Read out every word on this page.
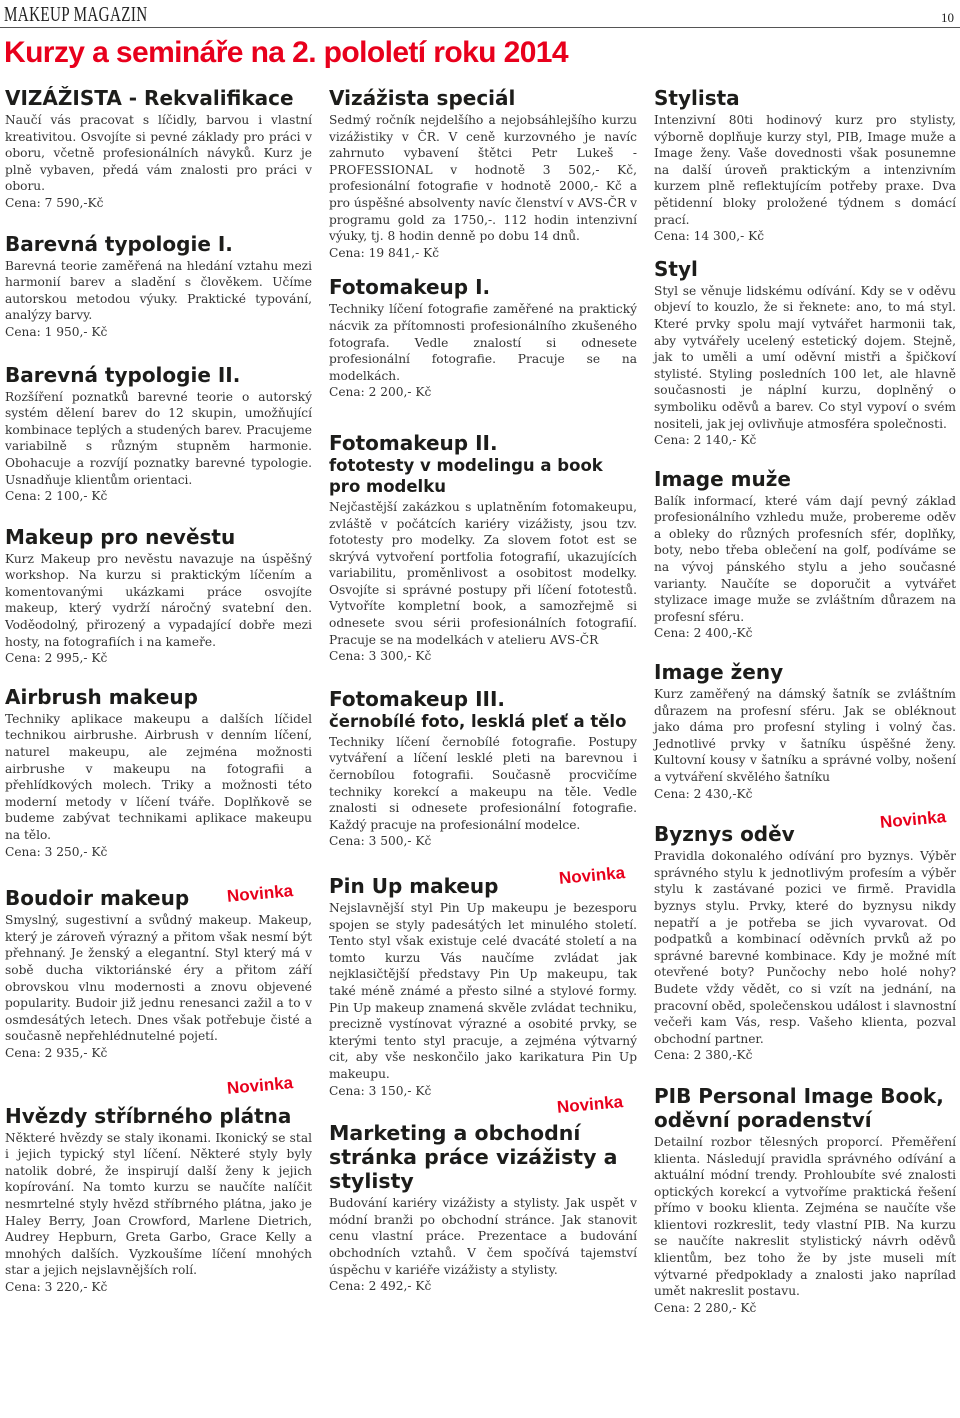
MAKEUP MAGAZIN	10
Kurzy a semináře na 2. pololetí roku 2014
VIZÁŽISTA - Rekvalifikace

Naučí vás pracovat s líčidly, barvou i vlastní kreativitou. Osvojíte si pevné základy pro práci v oboru, včetně profesionálních návyků. Kurz je plně vybaven, předá vám znalosti pro práci v oboru.

Cena: 7 590,-Kč

Barevná typologie I.

Barevná teorie zaměřená na hledání vztahu mezi harmonií barev a sladění s člověkem. Učíme autorskou metodou výuky. Praktické typování, analýzy barvy.

Cena: 1 950,- Kč

Barevná typologie II.

Rozšíření poznatků barevné teorie o autorský systém dělení barev do 12 skupin, umožňující kombinace teplých a studených barev. Pracujeme variabilně s různým stupněm harmonie. Obohacuje a rozvíjí poznatky barevné typologie. Usnadňuje klientům orientaci.

Cena: 2 100,- Kč

Makeup pro nevěstu

Kurz Makeup pro nevěstu navazuje na úspěšný workshop. Na kurzu si praktickým líčením a komentovanými ukázkami práce osvojíte makeup, který vydrží náročný svatební den. Voděodolný, přirozený a vypadající dobře mezi hosty, na fotografiích i na kameře.

Cena: 2 995,- Kč

Airbrush makeup

Techniky aplikace makeupu a dalších líčidel technikou airbrushe. Airbrush v denním líčení, naturel makeupu, ale zejména možnosti airbrushe v makeupu na fotografii a přehlídkových molech. Triky a možnosti této moderní metody v líčení tváře. Doplňkově se budeme zabývat technikami aplikace makeupu na tělo.

Cena: 3 250,- Kč

Novinka
Boudoir makeup

Smyslný, sugestivní a svůdný makeup. Makeup, který je zároveň výrazný a přitom však nesmí být přehnaný. Je ženský a elegantní. Styl který má v sobě ducha viktoriánské éry a přitom září obrovskou vlnu modernosti a znovu objevené popularity. Budoir již jednu renesanci zažil a to v osmdesátých letech. Dnes však potřebuje čisté a současně nepřehlédnutelné pojetí.

Cena: 2 935,- Kč

Novinka
Hvězdy stříbrného plátna

Některé hvězdy se staly ikonami. Ikonický se stal i jejich typický styl líčení. Některé styly byly natolik dobré, že inspirují další ženy k jejich kopírování. Na tomto kurzu se naučíte nalíčit nesmrtelné styly hvězd stříbrného plátna, jako je Haley Berry, Joan Crowford, Marlene Dietrich, Audrey Hepburn, Greta Garbo, Grace Kelly a mnohých dalších. Vyzkoušíme líčení mnohých star a jejich nejslavnějších rolí.

Cena: 3 220,- Kč

Vizážista speciál

Sedmý ročník nejdelšího a nejobsáhlejšího kurzu vizážistiky v ČR. V ceně kurzovného je navíc zahrnuto vybavení štětci Petr Lukeš - PROFESSIONAL v hodnotě 3 502,- Kč, profesionální fotografie v hodnotě 2000,- Kč a pro úspěšné absolventy navíc členství v AVS-ČR v programu gold za 1750,-. 112 hodin intenzivní výuky, tj. 8 hodin denně po dobu 14 dnů.

Cena: 19 841,- Kč

Fotomakeup I.

Techniky líčení fotografie zaměřené na praktický nácvik za přítomnosti profesionálního zkušeného fotografa. Vedle znalostí si odnesete profesionální fotografie. Pracuje se na modelkách.

Cena: 2 200,- Kč

Fotomakeup II.
fototesty v modelingu a book pro modelku

Nejčastější zakázkou s uplatněním fotomakeupu, zvláště v počátcích kariéry vizážisty, jsou tzv. fototesty pro modelky. Za slovem fotot est se skrývá vytvoření portfolia fotografií, ukazujících variabilitu, proměnlivost a osobitost modelky. Osvojíte si správné postupy při líčení fototestů. Vytvoříte kompletní book, a samozřejmě si odnesete svou sérii profesionálních fotografií. Pracuje se na modelkách v atelieru AVS-ČR

Cena: 3 300,- Kč

Fotomakeup III.
černobílé foto, lesklá pleť a tělo

Techniky líčení černobílé fotografie. Postupy vytváření a líčení lesklé pleti na barevnou i černobílou fotografii. Současně procvičíme techniky korekcí a makeupu na těle. Vedle znalosti si odnesete profesionální fotografie. Každý pracuje na profesionální modelce.

Cena: 3 500,- Kč

Novinka
Pin Up makeup

Nejslavnější styl Pin Up makeupu je bezesporu spojen se styly padesátých let minulého století. Tento styl však existuje celé dvacáté století a na tomto kurzu Vás naučíme zvládat jak nejklasičtější představy Pin Up makeupu, tak také méně známé a přesto silné a stylové formy. Pin Up makeup znamená skvěle zvládat techniku, precizně vystínovat výrazné a osobité prvky, se kterými tento styl pracuje, a zejména výtvarný cit, aby vše neskončilo jako karikatura Pin Up makeupu.

Cena: 3 150,- Kč

Novinka
Marketing a obchodní stránka práce vizážisty a stylisty

Budování kariéry vizážisty a stylisty. Jak uspět v módní branži po obchodní stránce. Jak stanovit cenu vlastní práce. Prezentace a budování obchodních vztahů. V čem spočívá tajemství úspěchu v kariéře vizážisty a stylisty.

Cena: 2 492,- Kč

Stylista

Intenzivní 80ti hodinový kurz pro stylisty, výborně doplňuje kurzy styl, PIB, Image muže a Image ženy. Vaše dovednosti však posunemne na další úroveň praktickým a intenzivním kurzem plně reflektujícím potřeby praxe. Dva pětidenní bloky proložené týdnem s domácí prací.

Cena: 14 300,- Kč

Styl

Styl se věnuje lidskému odívání. Kdy se v oděvu objeví to kouzlo, že si řeknete: ano, to má styl. Které prvky spolu mají vytvářet harmonii tak, aby vytvářely ucelený estetický dojem. Stejně, jak to uměli a umí oděvní mistři a špičkoví stylisté. Styling posledních 100 let, ale hlavně současnosti je náplní kurzu, doplněný o symboliku oděvů a barev. Co styl vypoví o svém nositeli, jak jej ovlivňuje atmosféra společnosti.

Cena: 2 140,- Kč

Image muže

Balík informací, které vám dají pevný základ profesionálního vzhledu muže, probereme oděv a obleky do různých profesních sfér, doplňky, boty, nebo třeba oblečení na golf, podíváme se na vývoj pánského stylu a jeho současné varianty. Naučíte se doporučit a vytvářet stylizace image muže se zvláštním důrazem na profesní sféru.

Cena: 2 400,-Kč

Image ženy

Kurz zaměřený na dámský šatník se zvláštním důrazem na profesní sféru. Jak se obléknout jako dáma pro profesní styling i volný čas. Jednotlivé prvky v šatníku úspěšné ženy. Kultovní kousy v šatníku a správné volby, nošení a vytváření skvělého šatníku

Cena: 2 430,-Kč

Novinka
Byznys oděv

Pravidla dokonalého odívání pro byznys. Výběr správného stylu k jednotlivým profesím a výběr stylu k zastávané pozici ve firmě. Pravidla byznys stylu. Prvky, které do byznysu nikdy nepatří a je potřeba se jich vyvarovat. Od podpatků a kombinací oděvních prvků až po správné barevné kombinace. Kdy je možné mít otevřené boty? Punčochy nebo holé nohy? Budete vždy vědět, co si vzít na jednání, na pracovní oběd, společenskou událost i slavnostní večeři kam Vás, resp. Vašeho klienta, pozval obchodní partner.

Cena: 2 380,-Kč

PIB Personal Image Book, oděvní poradenství

Detailní rozbor tělesných proporcí. Přeměření klienta. Následují pravidla správného odívání a aktuální módní trendy. Prohloubíte své znalosti optických korekcí a vytvoříme praktická řešení přímo v booku klienta. Zejména se naučíte vše klientovi rozkreslit, tedy vlastní PIB. Na kurzu se naučíte nakreslit stylistický návrh oděvů klientům, bez toho že by jste museli mít výtvarné předpoklady a znalosti jako naprílad umět nakreslit postavu.

Cena: 2 280,- Kč
